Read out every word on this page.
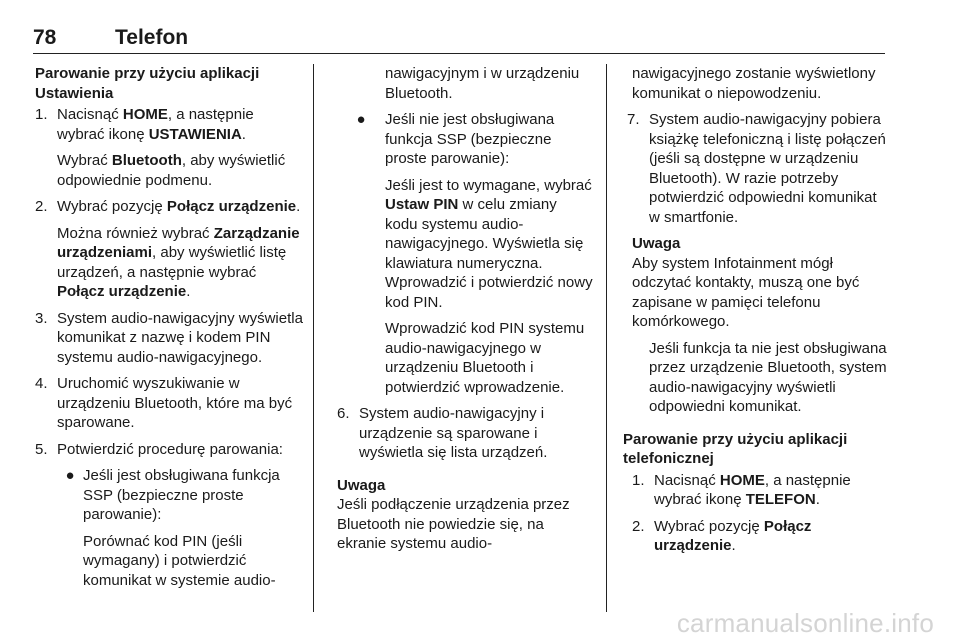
78	Telefon

Parowanie przy użyciu aplikacji
Ustawienia

1. Nacisnąć HOME, a następnie wybrać ikonę USTAWIENIA.

Wybrać Bluetooth, aby wyświetlić odpowiednie podmenu.

2. Wybrać pozycję Połącz urządzenie.

Można również wybrać Zarządzanie urządzeniami, aby wyświetlić listę urządzeń, a następnie wybrać Połącz urządzenie.

3. System audio-nawigacyjny wyświetla komunikat z nazwę i kodem PIN systemu audio-nawigacyjnego.
4. Uruchomić wyszukiwanie w urządzeniu Bluetooth, które ma być sparowane.
5. Potwierdzić procedurę parowania:
● Jeśli jest obsługiwana funkcja SSP (bezpieczne proste parowanie):

Porównać kod PIN (jeśli wymagany) i potwierdzić komunikat w systemie audio-

nawigacyjnym i w urządzeniu Bluetooth.

●	Jeśli nie jest obsługiwana funkcja SSP (bezpieczne proste parowanie):

Jeśli jest to wymagane, wybrać Ustaw PIN w celu zmiany kodu systemu audio-nawigacyjnego. Wyświetla się klawiatura numeryczna. Wprowadzić i potwierdzić nowy kod PIN.

Wprowadzić kod PIN systemu audio-nawigacyjnego w urządzeniu Bluetooth i potwierdzić wprowadzenie.

6. System audio-nawigacyjny i urządzenie są sparowane i wyświetla się lista urządzeń.

Uwaga

Jeśli podłączenie urządzenia przez Bluetooth nie powiedzie się, na ekranie systemu audio-

nawigacyjnego zostanie wyświetlony komunikat o niepowodzeniu.

7. System audio-nawigacyjny pobiera książkę telefoniczną i listę połączeń (jeśli są dostępne w urządzeniu Bluetooth). W razie potrzeby potwierdzić odpowiedni komunikat w smartfonie.

Uwaga

Aby system Infotainment mógł odczytać kontakty, muszą one być zapisane w pamięci telefonu komórkowego.

Jeśli funkcja ta nie jest obsługiwana przez urządzenie Bluetooth, system audio-nawigacyjny wyświetli odpowiedni komunikat.

Parowanie przy użyciu aplikacji
telefonicznej

1. Nacisnąć HOME, a następnie wybrać ikonę TELEFON.
2. Wybrać pozycję Połącz urządzenie.
carmanualsonline.info
